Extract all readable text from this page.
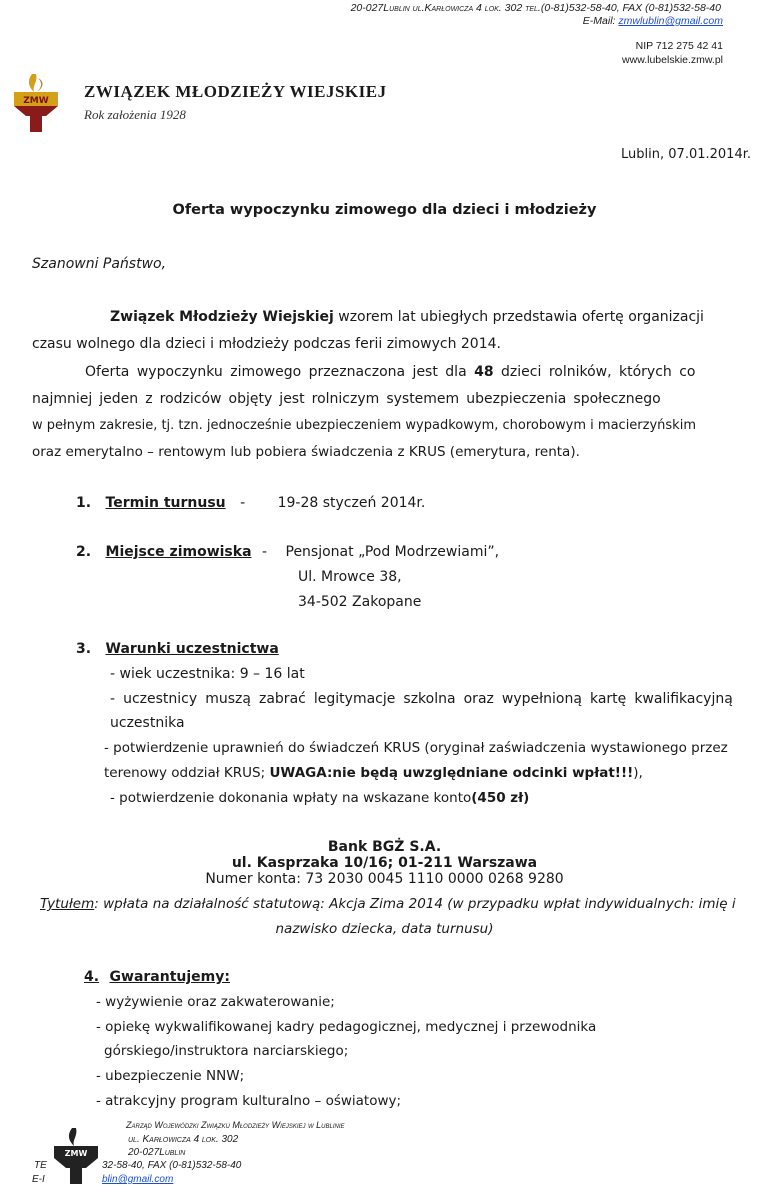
20-027Lublin ul.Karłowicza 4 lok. 302 tel.(0-81)532-58-40, FAX (0-81)532-58-40
E-Mail: zmwlublin@gmail.com
NIP 712 275 42 41
www.lubelskie.zmw.pl
ZMW ZWIĄZEK MŁODZIEŻY WIEJSKIEJ
Rok założenia 1928
Lublin, 07.01.2014r.
Oferta wypoczynku zimowego dla dzieci i młodzieży
Szanowni Państwo,
Związek Młodzieży Wiejskiej wzorem lat ubiegłych przedstawia ofertę organizacji
czasu wolnego dla dzieci i młodzieży podczas ferii zimowych 2014.
Oferta wypoczynku zimowego przeznaczona jest dla 48 dzieci rolników, których co
najmniej jeden z rodziców objęty jest rolniczym systemem ubezpieczenia społecznego
w pełnym zakresie, tj. tzn. jednocześnie ubezpieczeniem wypadkowym, chorobowym i macierzyńskim
oraz emerytalno – rentowym lub pobiera świadczenia z KRUS (emerytura, renta).
1. Termin turnusu - 19-28 styczeń 2014r.
2. Miejsce zimowiska - Pensjonat „Pod Modrzewiami”,
Ul. Mrowce 38,
34-502 Zakopane
3. Warunki uczestnictwa
- wiek uczestnika: 9 – 16 lat
- uczestnicy muszą zabrać legitymacje szkolna oraz wypełnioną kartę kwalifikacyjną
uczestnika
- potwierdzenie uprawnień do świadczeń KRUS (oryginał zaświadczenia wystawionego przez
terenowy oddział KRUS; UWAGA:nie będą uwzględniane odcinki wpłat!!!),
- potwierdzenie dokonania wpłaty na wskazane konto(450 zł)
Bank BGŻ S.A.
ul. Kasprzaka 10/16; 01-211 Warszawa
Numer konta: 73 2030 0045 1110 0000 0268 9280
Tytułem: wpłata na działalność statutową: Akcja Zima 2014 (w przypadku wpłat indywidualnych: imię i
nazwisko dziecka, data turnusu)
4. Gwarantujemy:
- wyżywienie oraz zakwaterowanie;
- opiekę wykwalifikowanej kadry pedagogicznej, medycznej i przewodnika
górskiego/instruktora narciarskiego;
- ubezpieczenie NNW;
- atrakcyjny program kulturalno – oświatowy;
ZMW
Zarząd Wojewódzki Związku Młodzieży Wiejskiej w Lublinie
ul. Karłowicza 4 lok. 302
20-027Lublin
TE	32-58-40, FAX (0-81)532-58-40
E-I	blin@gmail.com
